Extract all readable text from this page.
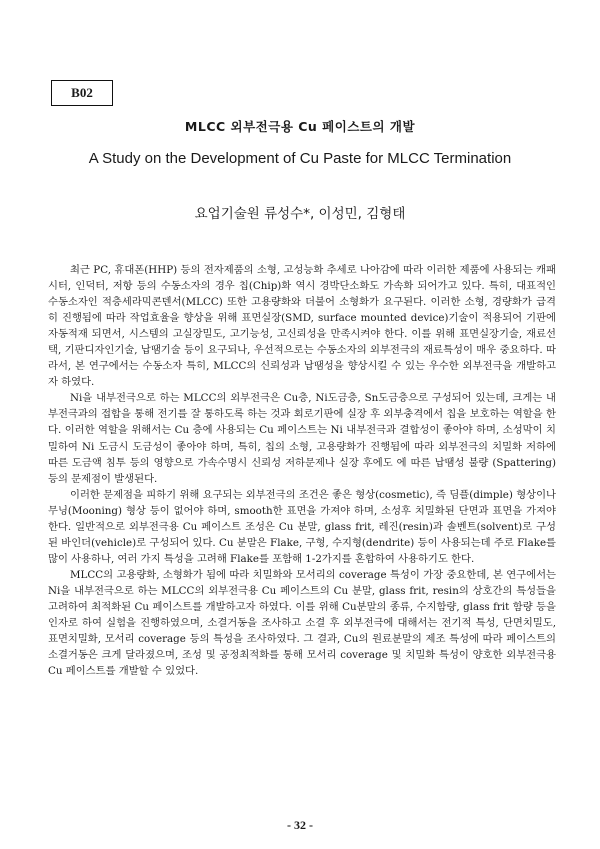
B02
MLCC 외부전극용 Cu 페이스트의 개발
A Study on the Development of Cu Paste for MLCC Termination
요업기술원 류성수*, 이성민, 김형태

최근 PC, 휴대폰(HHP) 등의 전자제품의 소형, 고성능화 추세로 나아감에 따라 이러한 제품에 사용되는 캐패시터, 인덕터, 저항 등의 수동소자의 경우 칩(Chip)화 역시 경박단소화도 가속화 되어가고 있다. 특히, 대표적인 수동소자인 적층세라믹콘덴서(MLCC) 또한 고용량화와 더불어 소형화가 요구된다. 이러한 소형, 경량화가 급격히 진행됨에 따라 작업효율을 향상을 위해 표면실장(SMD, surface mounted device)기술이 적용되어 기판에 자동적재 되면서, 시스템의 고실장밀도, 고기능성, 고신뢰성을 만족시켜야 한다. 이를 위해 표면실장기술, 재료선택, 기판디자인기술, 납땜기술 등이 요구되나, 우선적으로는 수동소자의 외부전극의 재료특성이 매우 중요하다. 따라서, 본 연구에서는 수동소자 특히, MLCC의 신뢰성과 납땜성을 향상시킬 수 있는 우수한 외부전극을 개발하고자 하였다.

Ni을 내부전극으로 하는 MLCC의 외부전극은 Cu층, Ni도금층, Sn도금층으로 구성되어 있는데, 크게는 내부전극과의 접합을 통해 전기를 잘 통하도록 하는 것과 회로기판에 실장 후 외부충격에서 칩을 보호하는 역할을 한다. 이러한 역할을 위해서는 Cu 층에 사용되는 Cu 페이스트는 Ni 내부전극과 결합성이 좋아야 하며, 소성막이 치밀하여 Ni 도금시 도금성이 좋아야 하며, 특히, 칩의 소형, 고용량화가 진행됨에 따라 외부전극의 치밀화 저하에 따른 도금액 침투 등의 영향으로 가속수명시 신뢰성 저하문제나 실장 후에도 에 따른 납땜성 불량 (Spattering) 등의 문제점이 발생된다.

이러한 문제점을 피하기 위해 요구되는 외부전극의 조건은 좋은 형상(cosmetic), 즉 딤플(dimple) 형상이나 무닝(Mooning) 형상 등이 없어야 하며, smooth한 표면을 가져야 하며, 소성후 치밀화된 단면과 표면을 가져야 한다. 일반적으로 외부전극용 Cu 페이스트 조성은 Cu 분말, glass frit, 레진(resin)과 솔벤트(solvent)로 구성된 바인더(vehicle)로 구성되어 있다. Cu 분말은 Flake, 구형, 수지형(dendrite) 등이 사용되는데 주로 Flake를 많이 사용하나, 여러 가지 특성을 고려해 Flake를 포함해 1-2가지를 혼합하여 사용하기도 한다.

MLCC의 고용량화, 소형화가 됨에 따라 치밀화와 모서리의 coverage 특성이 가장 중요한데, 본 연구에서는 Ni을 내부전극으로 하는 MLCC의 외부전극용 Cu 페이스트의 Cu 분말, glass frit, resin의 상호간의 특성들을 고려하여 최적화된 Cu 페이스트를 개발하고자 하였다. 이를 위해 Cu분말의 종류, 수지함량, glass frit 함량 등을 인자로 하여 실험을 진행하였으며, 소결거동을 조사하고 소결 후 외부전극에 대해서는 전기적 특성, 단면치밀도, 표면치밀화, 모서리 coverage 등의 특성을 조사하였다. 그 결과, Cu의 원료분말의 제조 특성에 따라 페이스트의 소결거동은 크게 달라졌으며, 조성 및 공정최적화를 통해 모서리 coverage 및 치밀화 특성이 양호한 외부전극용 Cu 페이스트를 개발할 수 있었다.

- 32 -
